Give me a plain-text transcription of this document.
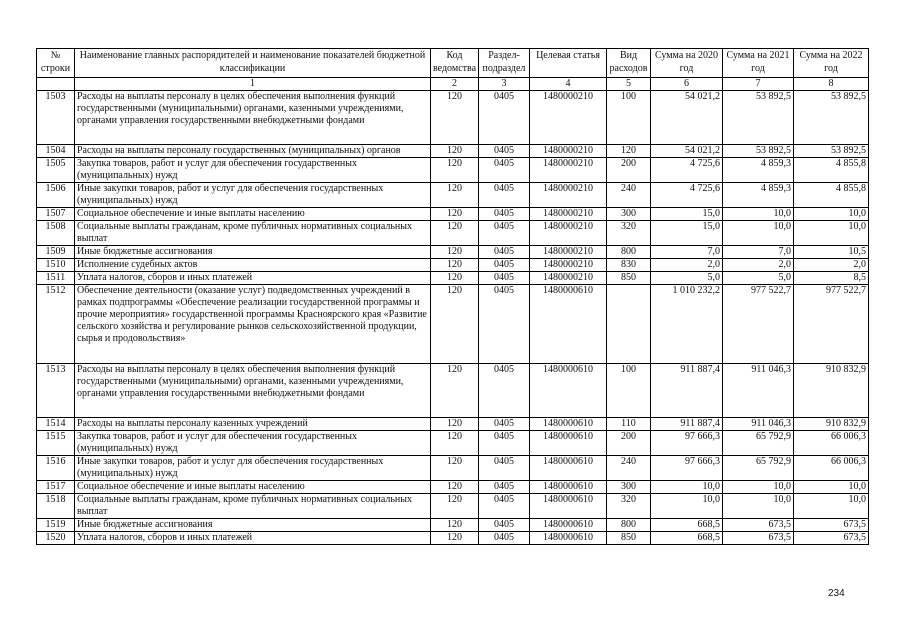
№ строки	Наименование главных распорядителей и наименование показателей бюджетной классификации	Код ведомства	Раздел-подраздел	Целевая статья	Вид расходов	Сумма на 2020 год	Сумма на 2021 год	Сумма на 2022 год
	1	2	3	4	5	6	7	8
1503	Расходы на выплаты персоналу в целях обеспечения выполнения функций государственными (муниципальными) органами, казенными учреждениями, органами управления государственными внебюджетными фондами	120	0405	1480000210	100	54 021,2	53 892,5	53 892,5
1504	Расходы на выплаты персоналу государственных (муниципальных) органов	120	0405	1480000210	120	54 021,2	53 892,5	53 892,5
1505	Закупка товаров, работ и услуг для обеспечения государственных (муниципальных) нужд	120	0405	1480000210	200	4 725,6	4 859,3	4 855,8
1506	Иные закупки товаров, работ и услуг для обеспечения государственных (муниципальных) нужд	120	0405	1480000210	240	4 725,6	4 859,3	4 855,8
1507	Социальное обеспечение и иные выплаты населению	120	0405	1480000210	300	15,0	10,0	10,0
1508	Социальные выплаты гражданам, кроме публичных нормативных социальных выплат	120	0405	1480000210	320	15,0	10,0	10,0
1509	Иные бюджетные ассигнования	120	0405	1480000210	800	7,0	7,0	10,5
1510	Исполнение судебных актов	120	0405	1480000210	830	2,0	2,0	2,0
1511	Уплата налогов, сборов и иных платежей	120	0405	1480000210	850	5,0	5,0	8,5
1512	Обеспечение деятельности (оказание услуг) подведомственных учреждений в рамках подпрограммы «Обеспечение реализации государственной программы и прочие мероприятия» государственной программы Красноярского края «Развитие сельского хозяйства и регулирование рынков сельскохозяйственной продукции, сырья и продовольствия»	120	0405	1480000610		1 010 232,2	977 522,7	977 522,7
1513	Расходы на выплаты персоналу в целях обеспечения выполнения функций государственными (муниципальными) органами, казенными учреждениями, органами управления государственными внебюджетными фондами	120	0405	1480000610	100	911 887,4	911 046,3	910 832,9
1514	Расходы на выплаты персоналу казенных учреждений	120	0405	1480000610	110	911 887,4	911 046,3	910 832,9
1515	Закупка товаров, работ и услуг для обеспечения государственных (муниципальных) нужд	120	0405	1480000610	200	97 666,3	65 792,9	66 006,3
1516	Иные закупки товаров, работ и услуг для обеспечения государственных (муниципальных) нужд	120	0405	1480000610	240	97 666,3	65 792,9	66 006,3
1517	Социальное обеспечение и иные выплаты населению	120	0405	1480000610	300	10,0	10,0	10,0
1518	Социальные выплаты гражданам, кроме публичных нормативных социальных выплат	120	0405	1480000610	320	10,0	10,0	10,0
1519	Иные бюджетные ассигнования	120	0405	1480000610	800	668,5	673,5	673,5
1520	Уплата налогов, сборов и иных платежей	120	0405	1480000610	850	668,5	673,5	673,5
234
